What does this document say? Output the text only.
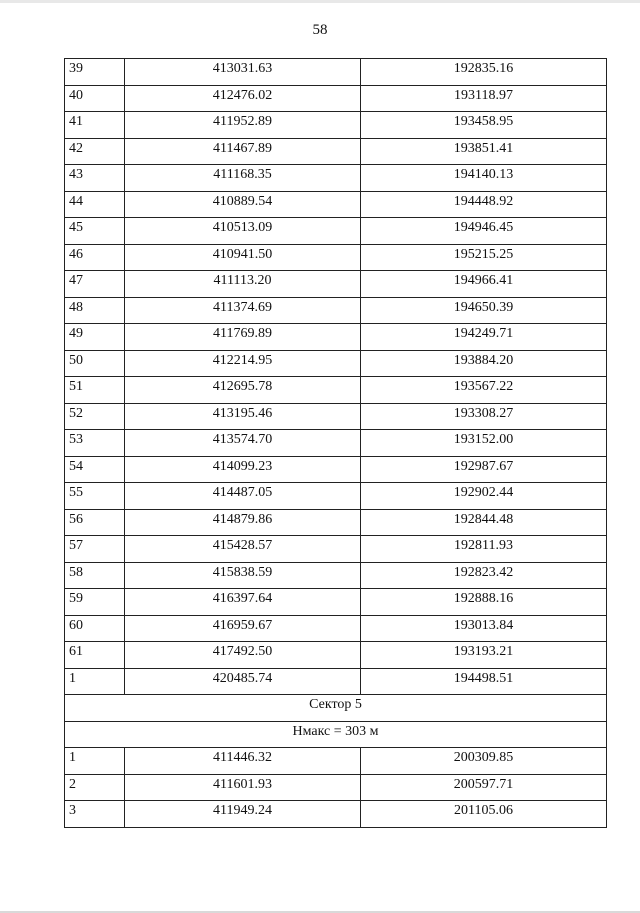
58
39	413031.63	192835.16
40	412476.02	193118.97
41	411952.89	193458.95
42	411467.89	193851.41
43	411168.35	194140.13
44	410889.54	194448.92
45	410513.09	194946.45
46	410941.50	195215.25
47	411113.20	194966.41
48	411374.69	194650.39
49	411769.89	194249.71
50	412214.95	193884.20
51	412695.78	193567.22
52	413195.46	193308.27
53	413574.70	193152.00
54	414099.23	192987.67
55	414487.05	192902.44
56	414879.86	192844.48
57	415428.57	192811.93
58	415838.59	192823.42
59	416397.64	192888.16
60	416959.67	193013.84
61	417492.50	193193.21
1	420485.74	194498.51
Сектор 5		
Нмакс = 303 м		
1	411446.32	200309.85
2	411601.93	200597.71
3	411949.24	201105.06
